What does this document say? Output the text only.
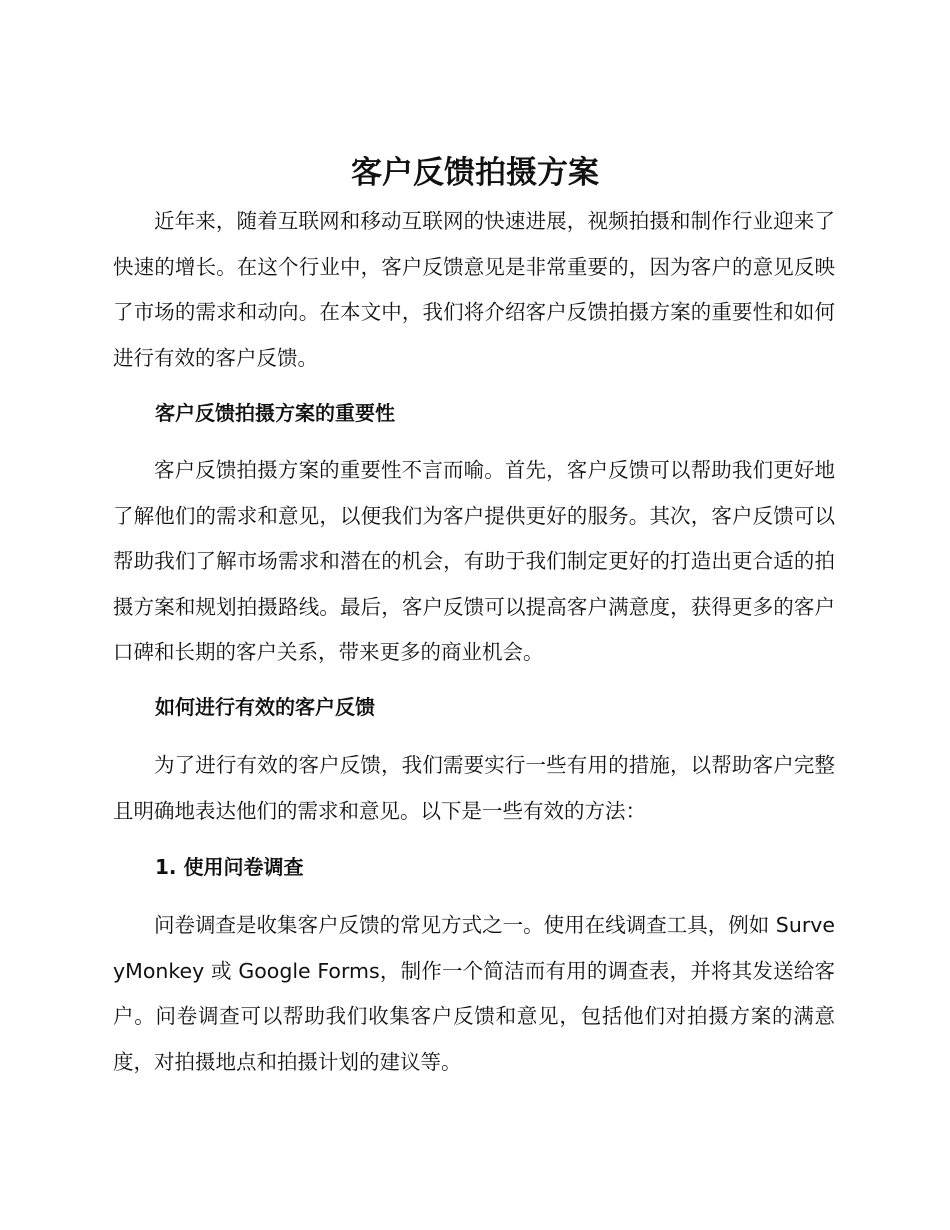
客户反馈拍摄方案

近年来，随着互联网和移动互联网的快速进展，视频拍摄和制作行业迎来了快速的增长。在这个行业中，客户反馈意见是非常重要的，因为客户的意见反映了市场的需求和动向。在本文中，我们将介绍客户反馈拍摄方案的重要性和如何进行有效的客户反馈。

客户反馈拍摄方案的重要性

客户反馈拍摄方案的重要性不言而喻。首先，客户反馈可以帮助我们更好地了解他们的需求和意见，以便我们为客户提供更好的服务。其次，客户反馈可以帮助我们了解市场需求和潜在的机会，有助于我们制定更好的打造出更合适的拍摄方案和规划拍摄路线。最后，客户反馈可以提高客户满意度，获得更多的客户口碑和长期的客户关系，带来更多的商业机会。

如何进行有效的客户反馈

为了进行有效的客户反馈，我们需要实行一些有用的措施，以帮助客户完整且明确地表达他们的需求和意见。以下是一些有效的方法：

1. 使用问卷调查

问卷调查是收集客户反馈的常见方式之一。使用在线调查工具，例如 SurveyMonkey 或 Google Forms，制作一个简洁而有用的调查表，并将其发送给客户。问卷调查可以帮助我们收集客户反馈和意见，包括他们对拍摄方案的满意度，对拍摄地点和拍摄计划的建议等。
